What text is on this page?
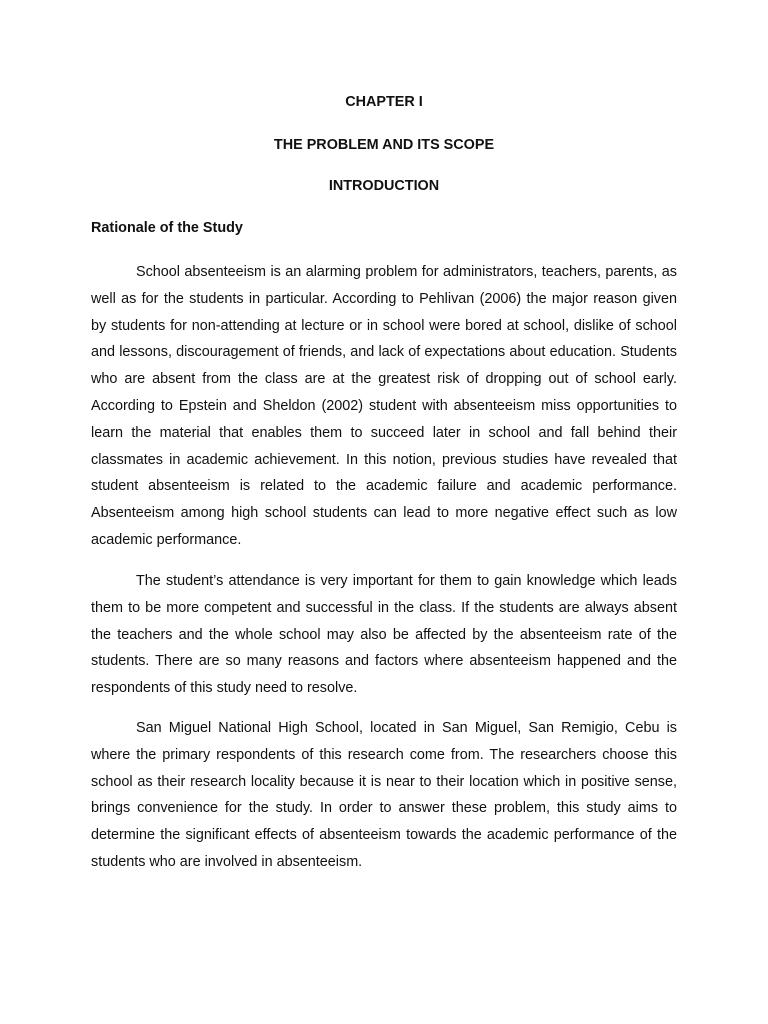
CHAPTER I
THE PROBLEM AND ITS SCOPE
INTRODUCTION
Rationale of the Study

School absenteeism is an alarming problem for administrators, teachers, parents, as well as for the students in particular. According to Pehlivan (2006) the major reason given by students for non-attending at lecture or in school were bored at school, dislike of school and lessons, discouragement of friends, and lack of expectations about education. Students who are absent from the class are at the greatest risk of dropping out of school early. According to Epstein and Sheldon (2002) student with absenteeism miss opportunities to learn the material that enables them to succeed later in school and fall behind their classmates in academic achievement. In this notion, previous studies have revealed that student absenteeism is related to the academic failure and academic performance. Absenteeism among high school students can lead to more negative effect such as low academic performance.

The student’s attendance is very important for them to gain knowledge which leads them to be more competent and successful in the class. If the students are always absent the teachers and the whole school may also be affected by the absenteeism rate of the students. There are so many reasons and factors where absenteeism happened and the respondents of this study need to resolve.

San Miguel National High School, located in San Miguel, San Remigio, Cebu is where the primary respondents of this research come from. The researchers choose this school as their research locality because it is near to their location which in positive sense, brings convenience for the study. In order to answer these problem, this study aims to determine the significant effects of absenteeism towards the academic performance of the students who are involved in absenteeism.
